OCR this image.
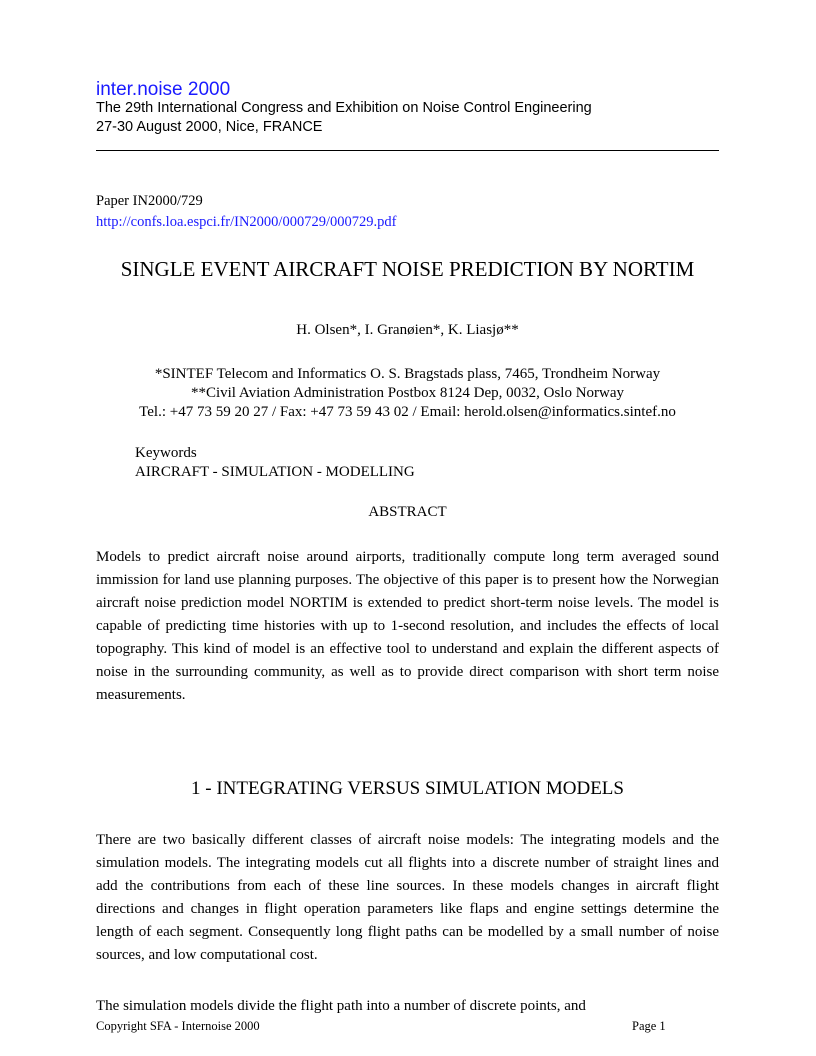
inter.noise 2000
The 29th International Congress and Exhibition on Noise Control Engineering
27-30 August 2000, Nice, FRANCE
Paper IN2000/729
http://confs.loa.espci.fr/IN2000/000729/000729.pdf
SINGLE EVENT AIRCRAFT NOISE PREDICTION BY NORTIM
H. Olsen*, I. Granøien*, K. Liasjø**
*SINTEF Telecom and Informatics O. S. Bragstads plass, 7465, Trondheim Norway
**Civil Aviation Administration Postbox 8124 Dep, 0032, Oslo Norway
Tel.: +47 73 59 20 27 / Fax: +47 73 59 43 02 / Email: herold.olsen@informatics.sintef.no
Keywords
AIRCRAFT - SIMULATION - MODELLING
ABSTRACT
Models to predict aircraft noise around airports, traditionally compute long term averaged sound immission for land use planning purposes. The objective of this paper is to present how the Norwegian aircraft noise prediction model NORTIM is extended to predict short-term noise levels. The model is capable of predicting time histories with up to 1-second resolution, and includes the effects of local topography. This kind of model is an effective tool to understand and explain the different aspects of noise in the surrounding community, as well as to provide direct comparison with short term noise measurements.
1 - INTEGRATING VERSUS SIMULATION MODELS
There are two basically different classes of aircraft noise models: The integrating models and the simulation models. The integrating models cut all flights into a discrete number of straight lines and add the contributions from each of these line sources. In these models changes in aircraft flight directions and changes in flight operation parameters like flaps and engine settings determine the length of each segment. Consequently long flight paths can be modelled by a small number of noise sources, and low computational cost.
The simulation models divide the flight path into a number of discrete points, and
Copyright SFA - Internoise 2000	Page 1
